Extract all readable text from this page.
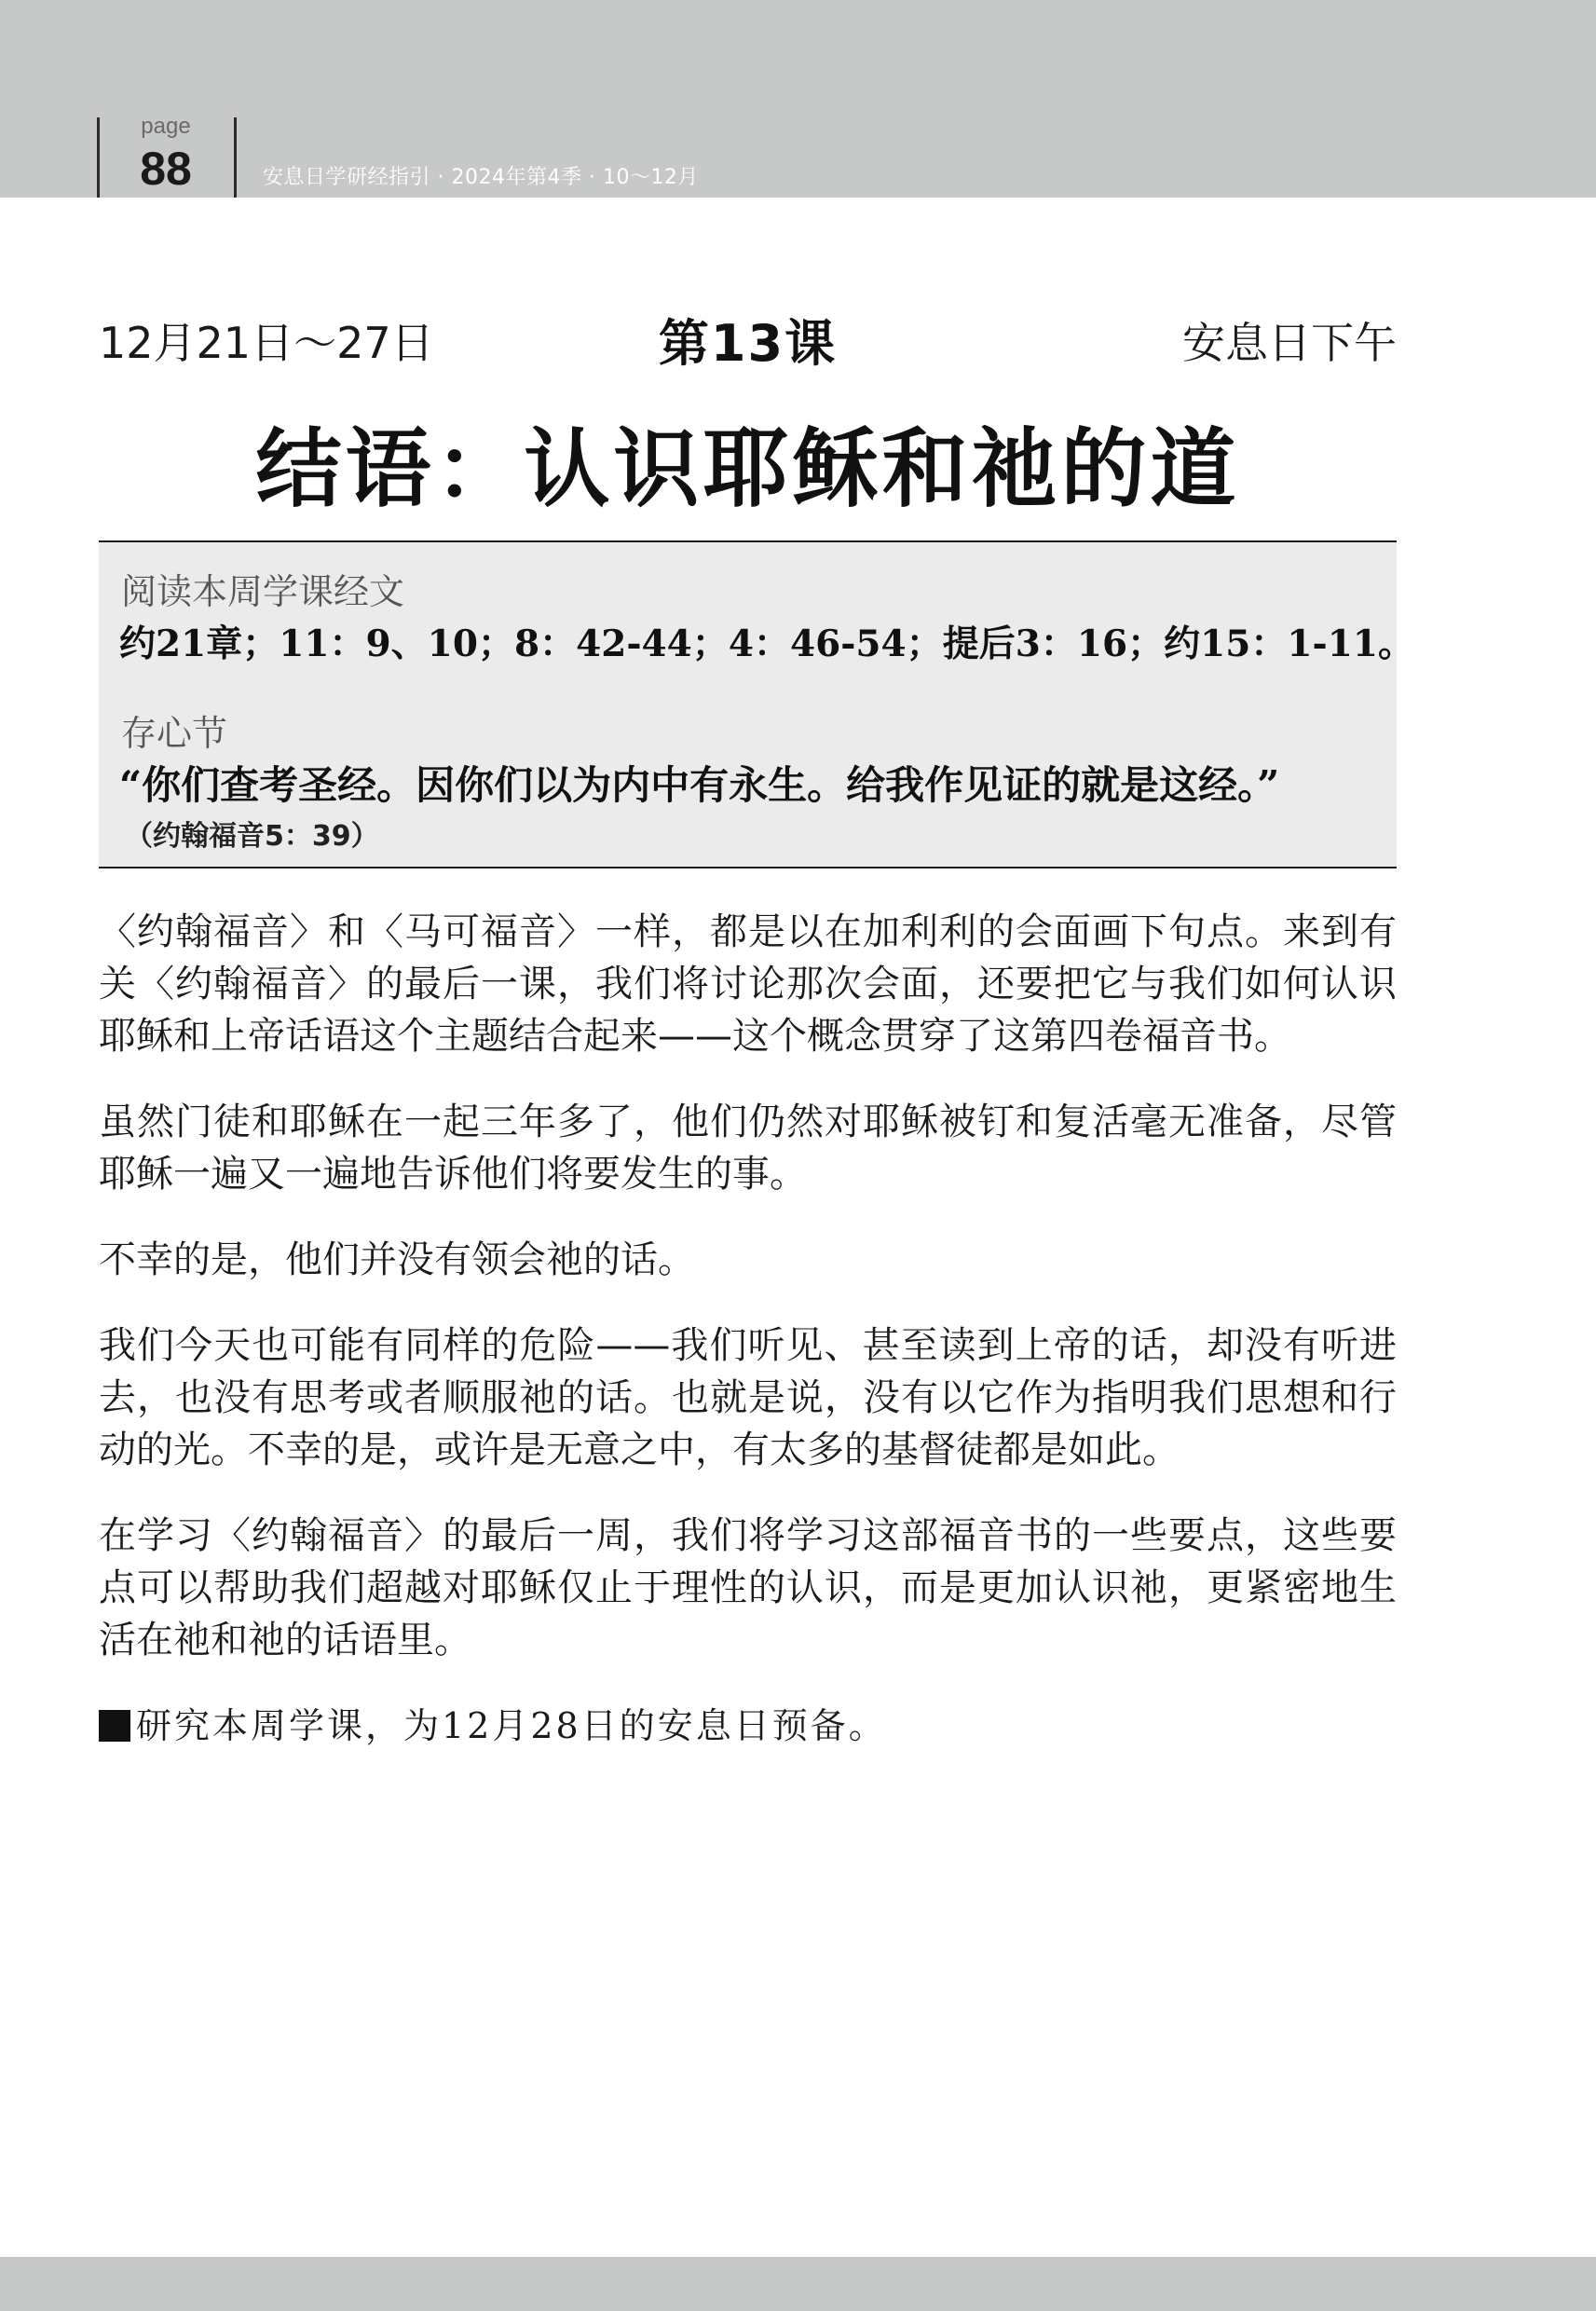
page
88	安息日学研经指引 · 2024年第4季 · 10～12月
12月21日～27日	第13课	安息日下午
结语：认识耶稣和祂的道
阅读本周学课经文
约21章；11：9、10；8：42-44；4：46-54；提后3：16；约15：1-11。
存心节
“你们查考圣经。因你们以为内中有永生。给我作见证的就是这经。”
（约翰福音5：39）

〈约翰福音〉和〈马可福音〉一样，都是以在加利利的会面画下句点。来到有关〈约翰福音〉的最后一课，我们将讨论那次会面，还要把它与我们如何认识耶稣和上帝话语这个主题结合起来——这个概念贯穿了这第四卷福音书。

虽然门徒和耶稣在一起三年多了，他们仍然对耶稣被钉和复活毫无准备，尽管耶稣一遍又一遍地告诉他们将要发生的事。

不幸的是，他们并没有领会祂的话。

我们今天也可能有同样的危险——我们听见、甚至读到上帝的话，却没有听进去，也没有思考或者顺服祂的话。也就是说，没有以它作为指明我们思想和行动的光。不幸的是，或许是无意之中，有太多的基督徒都是如此。

在学习〈约翰福音〉的最后一周，我们将学习这部福音书的一些要点，这些要点可以帮助我们超越对耶稣仅止于理性的认识，而是更加认识祂，更紧密地生活在祂和祂的话语里。

研究本周学课，为12月28日的安息日预备。
